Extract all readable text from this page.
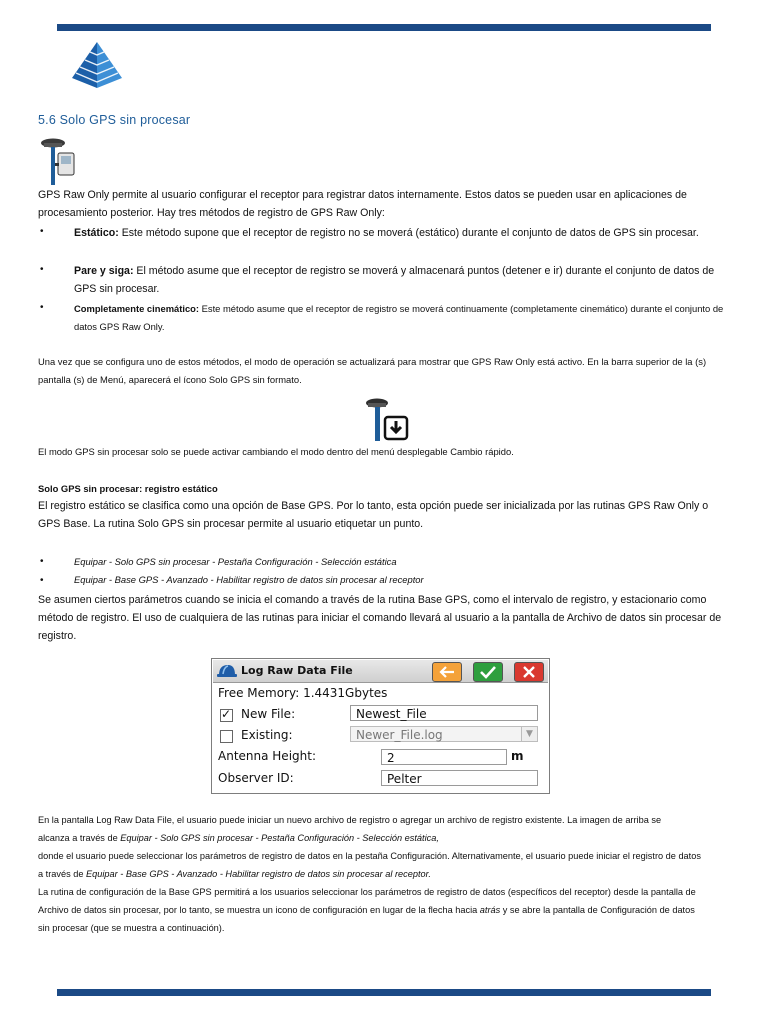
5.6 Solo GPS sin procesar
GPS Raw Only permite al usuario configurar el receptor para registrar datos internamente. Estos datos se pueden usar en aplicaciones de procesamiento posterior. Hay tres métodos de registro de GPS Raw Only:
•	Estático: Este método supone que el receptor de registro no se moverá (estático) durante el conjunto de datos de GPS sin procesar.
•	Pare y siga: El método asume que el receptor de registro se moverá y almacenará puntos (detener e ir) durante el conjunto de datos de GPS sin procesar.
•	Completamente cinemático: Este método asume que el receptor de registro se moverá continuamente (completamente cinemático) durante el conjunto de datos GPS Raw Only.
Una vez que se configura uno de estos métodos, el modo de operación se actualizará para mostrar que GPS Raw Only está activo. En la barra superior de la (s) pantalla (s) de Menú, aparecerá el ícono Solo GPS sin formato.
El modo GPS sin procesar solo se puede activar cambiando el modo dentro del menú desplegable Cambio rápido.
Solo GPS sin procesar: registro estático
El registro estático se clasifica como una opción de Base GPS. Por lo tanto, esta opción puede ser inicializada por las rutinas GPS Raw Only o GPS Base. La rutina Solo GPS sin procesar permite al usuario etiquetar un punto.
•	Equipar - Solo GPS sin procesar - Pestaña Configuración - Selección estática
•	Equipar - Base GPS - Avanzado - Habilitar registro de datos sin procesar al receptor
Se asumen ciertos parámetros cuando se inicia el comando a través de la rutina Base GPS, como el intervalo de registro, y estacionario como método de registro. El uso de cualquiera de las rutinas para iniciar el comando llevará al usuario a la pantalla de Archivo de datos sin procesar de registro.
Log Raw Data File
Free Memory: 1.4431Gbytes
✓ New File:	Newest_File
Existing:	Newer_File.log	▼
Antenna Height:	2	m
Observer ID:	Pelter
En la pantalla Log Raw Data File, el usuario puede iniciar un nuevo archivo de registro o agregar un archivo de registro existente. La imagen de arriba se
alcanza a través de Equipar - Solo GPS sin procesar - Pestaña Configuración - Selección estática,
donde el usuario puede seleccionar los parámetros de registro de datos en la pestaña Configuración. Alternativamente, el usuario puede iniciar el registro de datos
a través de Equipar - Base GPS - Avanzado - Habilitar registro de datos sin procesar al receptor.
La rutina de configuración de la Base GPS permitirá a los usuarios seleccionar los parámetros de registro de datos (específicos del receptor) desde la pantalla de
Archivo de datos sin procesar, por lo tanto, se muestra un icono de configuración en lugar de la flecha hacia atrás y se abre la pantalla de Configuración de datos
sin procesar (que se muestra a continuación).
